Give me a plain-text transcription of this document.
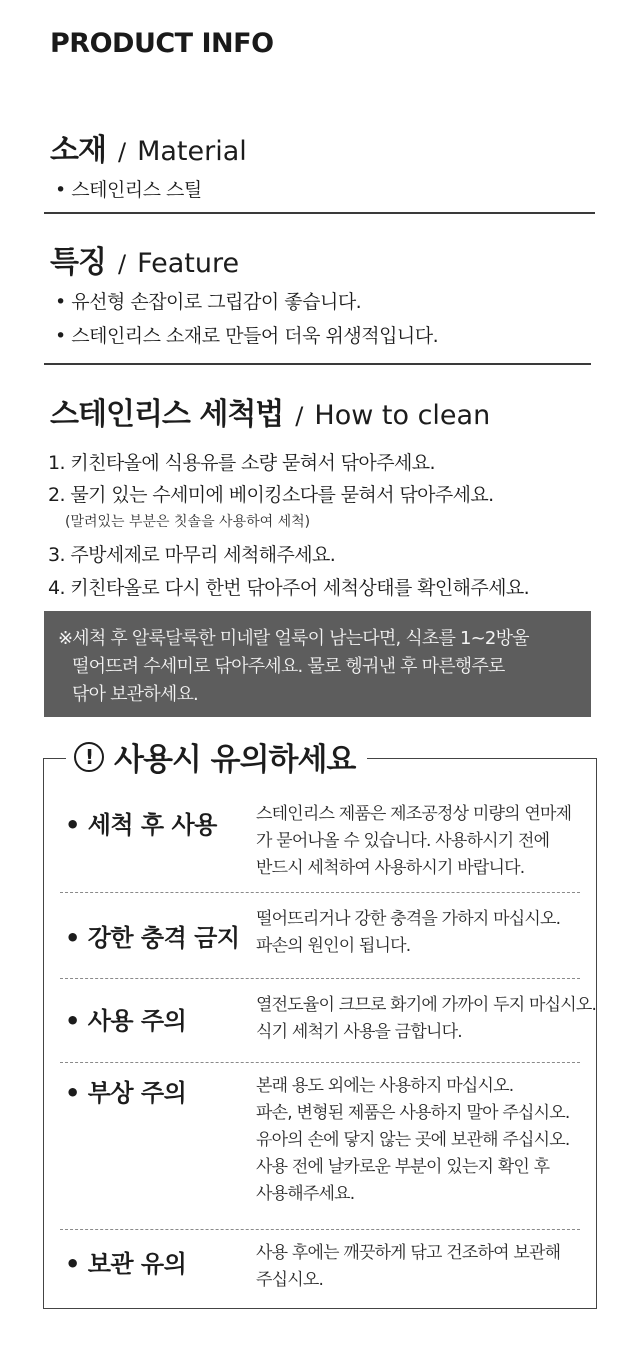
PRODUCT INFO
소재 / Material
• 스테인리스 스틸
특징 / Feature
• 유선형 손잡이로 그립감이 좋습니다.
• 스테인리스 소재로 만들어 더욱 위생적입니다.
스테인리스 세척법 / How to clean
1. 키친타올에 식용유를 소량 묻혀서 닦아주세요.
2. 물기 있는 수세미에 베이킹소다를 묻혀서 닦아주세요.
(말려있는 부분은 칫솔을 사용하여 세척)
3. 주방세제로 마무리 세척해주세요.
4. 키친타올로 다시 한번 닦아주어 세척상태를 확인해주세요.
※세척 후 알룩달룩한 미네랄 얼룩이 남는다면, 식초를 1~2방울
떨어뜨려 수세미로 닦아주세요. 물로 헹궈낸 후 마른행주로
닦아 보관하세요.
! 사용시 유의하세요
• 세척 후 사용 스테인리스 제품은 제조공정상 미량의 연마제
가 묻어나올 수 있습니다. 사용하시기 전에
반드시 세척하여 사용하시기 바랍니다.
• 강한 충격 금지
떨어뜨리거나 강한 충격을 가하지 마십시오.
파손의 원인이 됩니다.
• 사용 주의
열전도율이 크므로 화기에 가까이 두지 마십시오.
식기 세척기 사용을 금합니다.
• 부상 주의	본래 용도 외에는 사용하지 마십시오.
파손, 변형된 제품은 사용하지 말아 주십시오.
유아의 손에 닿지 않는 곳에 보관해 주십시오.
사용 전에 날카로운 부분이 있는지 확인 후
사용해주세요.
• 보관 유의	사용 후에는 깨끗하게 닦고 건조하여 보관해
주십시오.
